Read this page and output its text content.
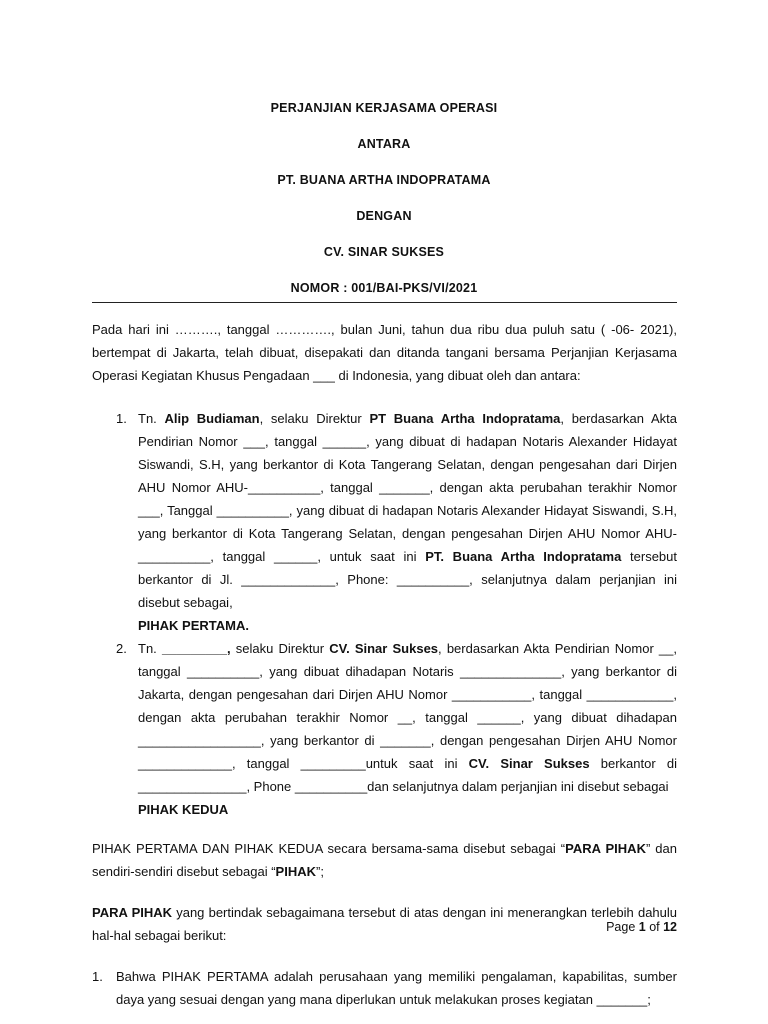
PERJANJIAN KERJASAMA OPERASI
ANTARA
PT. BUANA ARTHA INDOPRATAMA
DENGAN
CV. SINAR SUKSES
NOMOR : 001/BAI-PKS/VI/2021

Pada hari ini ………., tanggal …………., bulan Juni, tahun dua ribu dua puluh satu ( -06- 2021), bertempat di Jakarta, telah dibuat, disepakati dan ditanda tangani bersama Perjanjian Kerjasama Operasi Kegiatan Khusus Pengadaan ___ di Indonesia, yang dibuat oleh dan antara:

1. Tn. Alip Budiaman, selaku Direktur PT Buana Artha Indopratama, berdasarkan Akta Pendirian Nomor ___, tanggal ______, yang dibuat di hadapan Notaris Alexander Hidayat Siswandi, S.H, yang berkantor di Kota Tangerang Selatan, dengan pengesahan dari Dirjen AHU Nomor AHU-__________, tanggal _______, dengan akta perubahan terakhir Nomor ___, Tanggal __________, yang dibuat di hadapan Notaris Alexander Hidayat Siswandi, S.H, yang berkantor di Kota Tangerang Selatan, dengan pengesahan Dirjen AHU Nomor AHU-__________, tanggal ______, untuk saat ini PT. Buana Artha Indopratama tersebut berkantor di Jl. _____________, Phone: __________, selanjutnya dalam perjanjian ini disebut sebagai,
PIHAK PERTAMA.
2. Tn. _________, selaku Direktur CV. Sinar Sukses, berdasarkan Akta Pendirian Nomor __, tanggal __________, yang dibuat dihadapan Notaris ______________, yang berkantor di Jakarta, dengan pengesahan dari Dirjen AHU Nomor ___________, tanggal ____________, dengan akta perubahan terakhir Nomor __, tanggal ______, yang dibuat dihadapan _________________, yang berkantor di _______, dengan pengesahan Dirjen AHU Nomor _____________, tanggal _________untuk saat ini CV. Sinar Sukses berkantor di _______________, Phone __________dan selanjutnya dalam perjanjian ini disebut sebagai
PIHAK KEDUA

PIHAK PERTAMA DAN PIHAK KEDUA secara bersama-sama disebut sebagai “PARA PIHAK” dan sendiri-sendiri disebut sebagai “PIHAK”;

PARA PIHAK yang bertindak sebagaimana tersebut di atas dengan ini menerangkan terlebih dahulu hal-hal sebagai berikut:

1. Bahwa PIHAK PERTAMA adalah perusahaan yang memiliki pengalaman, kapabilitas, sumber daya yang sesuai dengan yang mana diperlukan untuk melakukan proses kegiatan _______;
Page 1 of 12
